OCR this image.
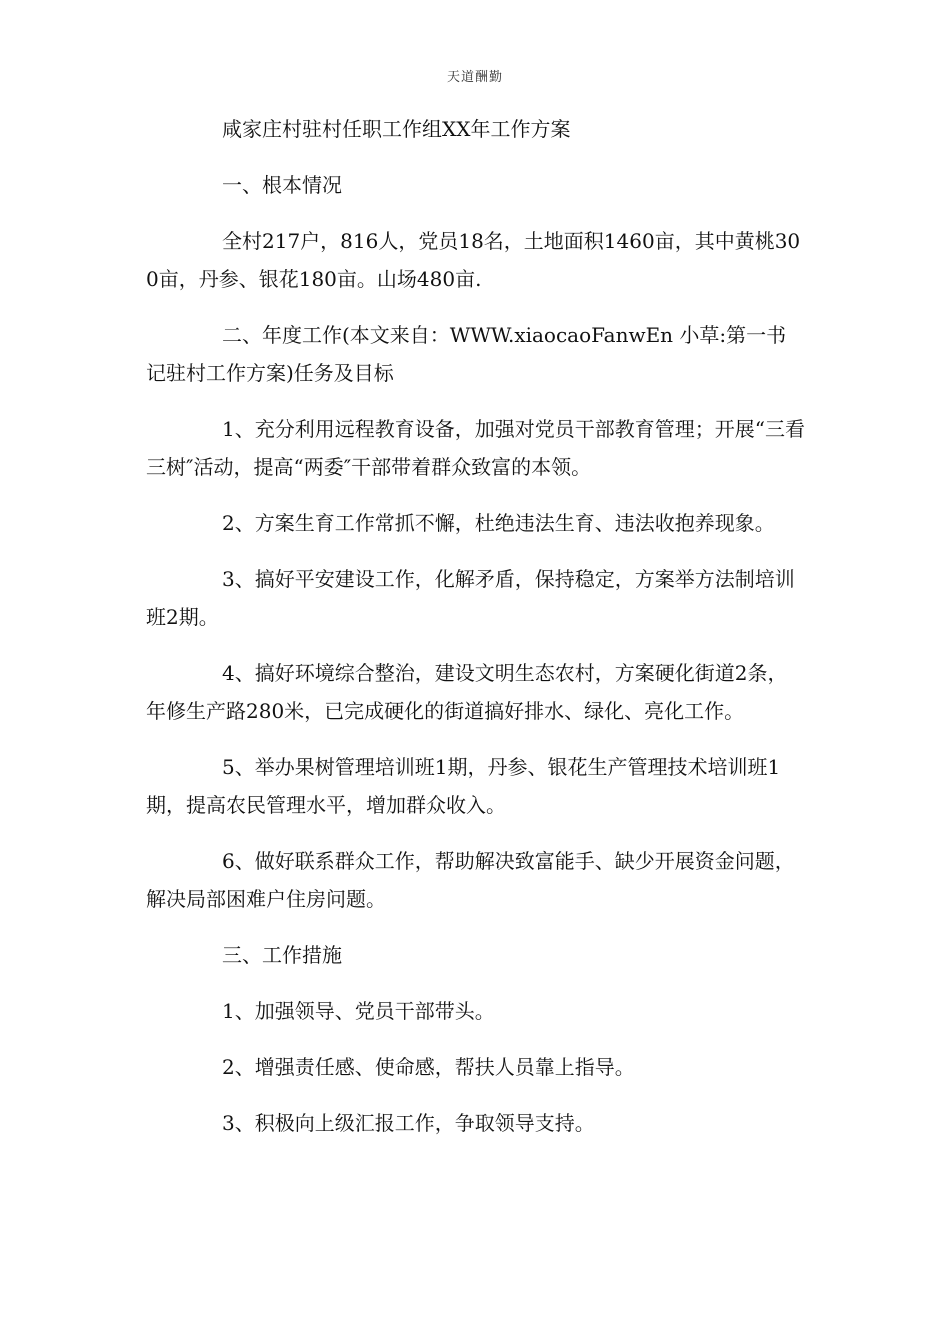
天道酬勤

咸家庄村驻村任职工作组XX年工作方案

一、根本情况

全村217户，816人，党员18名，土地面积1460亩，其中黄桃300亩，丹参、银花180亩。山场480亩.

二、年度工作(本文来自：WWW.xiaocaoFanwEn 小草:第一书记驻村工作方案)任务及目标

1、充分利用远程教育设备，加强对党员干部教育管理；开展“三看三树″活动，提高“两委″干部带着群众致富的本领。

2、方案生育工作常抓不懈，杜绝违法生育、违法收抱养现象。

3、搞好平安建设工作，化解矛盾，保持稳定，方案举方法制培训班2期。

4、搞好环境综合整治，建设文明生态农村，方案硬化街道2条，年修生产路280米，已完成硬化的街道搞好排水、绿化、亮化工作。

5、举办果树管理培训班1期，丹参、银花生产管理技术培训班1期，提高农民管理水平，增加群众收入。

6、做好联系群众工作，帮助解决致富能手、缺少开展资金问题，解决局部困难户住房问题。

三、工作措施

1、加强领导、党员干部带头。

2、增强责任感、使命感，帮扶人员靠上指导。

3、积极向上级汇报工作，争取领导支持。
